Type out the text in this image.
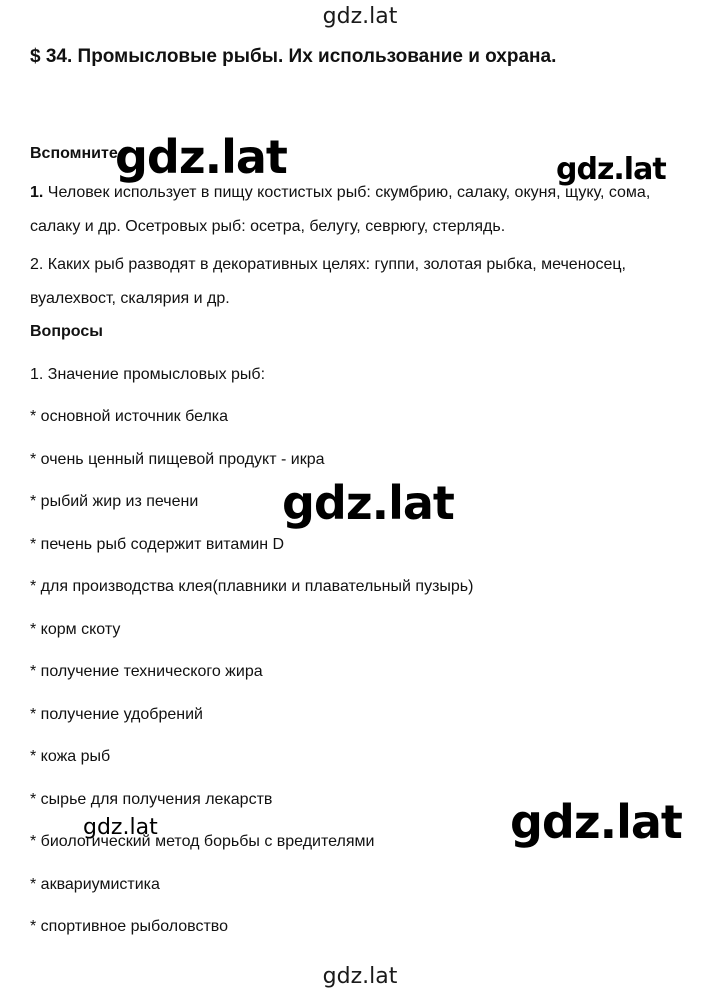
gdz.lat
$ 34. Промысловые рыбы. Их использование и охрана.
Вспомните
1. Человек использует в пищу костистых рыб: скумбрию, салаку, окуня, щуку, сома, салаку и др. Осетровых рыб: осетра, белугу, севрюгу, стерлядь.
2. Каких рыб разводят в декоративных целях: гуппи, золотая рыбка, меченосец, вуалехвост, скалярия и др.
Вопросы
1. Значение промысловых рыб:
* основной источник белка
* очень ценный пищевой продукт - икра
* рыбий жир из печени
* печень рыб содержит витамин D
* для производства клея(плавники и плавательный пузырь)
* корм скоту
* получение технического жира
* получение удобрений
* кожа рыб
* сырье для получения лекарств
* биологический метод борьбы с вредителями
* аквариумистика
* спортивное рыболовство
gdz.lat	gdz.lat
gdz.lat
gdz.lat
gdz.lat
gdz.lat
